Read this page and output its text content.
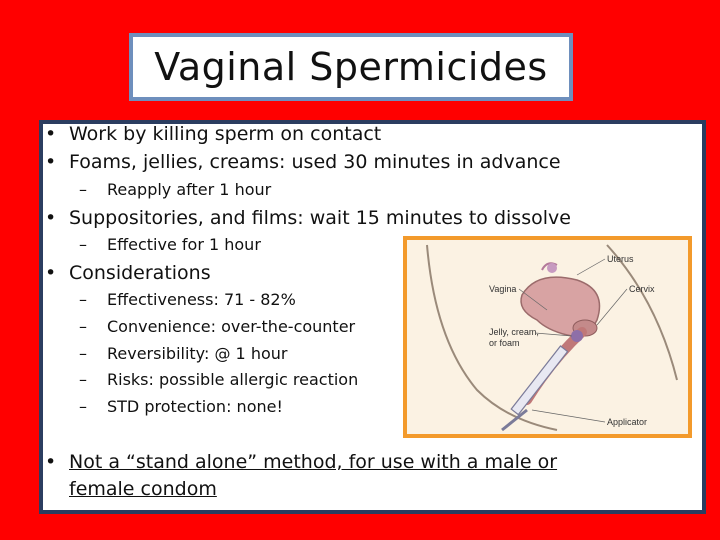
Vaginal Spermicides
• Work by killing sperm on contact
• Foams, jellies, creams: used 30 minutes in advance
– Reapply after 1 hour
• Suppositories, and films: wait 15 minutes to dissolve
– Effective for 1 hour
• Considerations
– Effectiveness: 71 - 82%
– Convenience: over-the-counter
– Reversibility: @ 1 hour
– Risks: possible allergic reaction
– STD protection: none!
• Not a “stand alone” method, for use with a male or
female condom
Uterus
Vagina	Cervix
Jelly, cream,
or foam
Applicator
